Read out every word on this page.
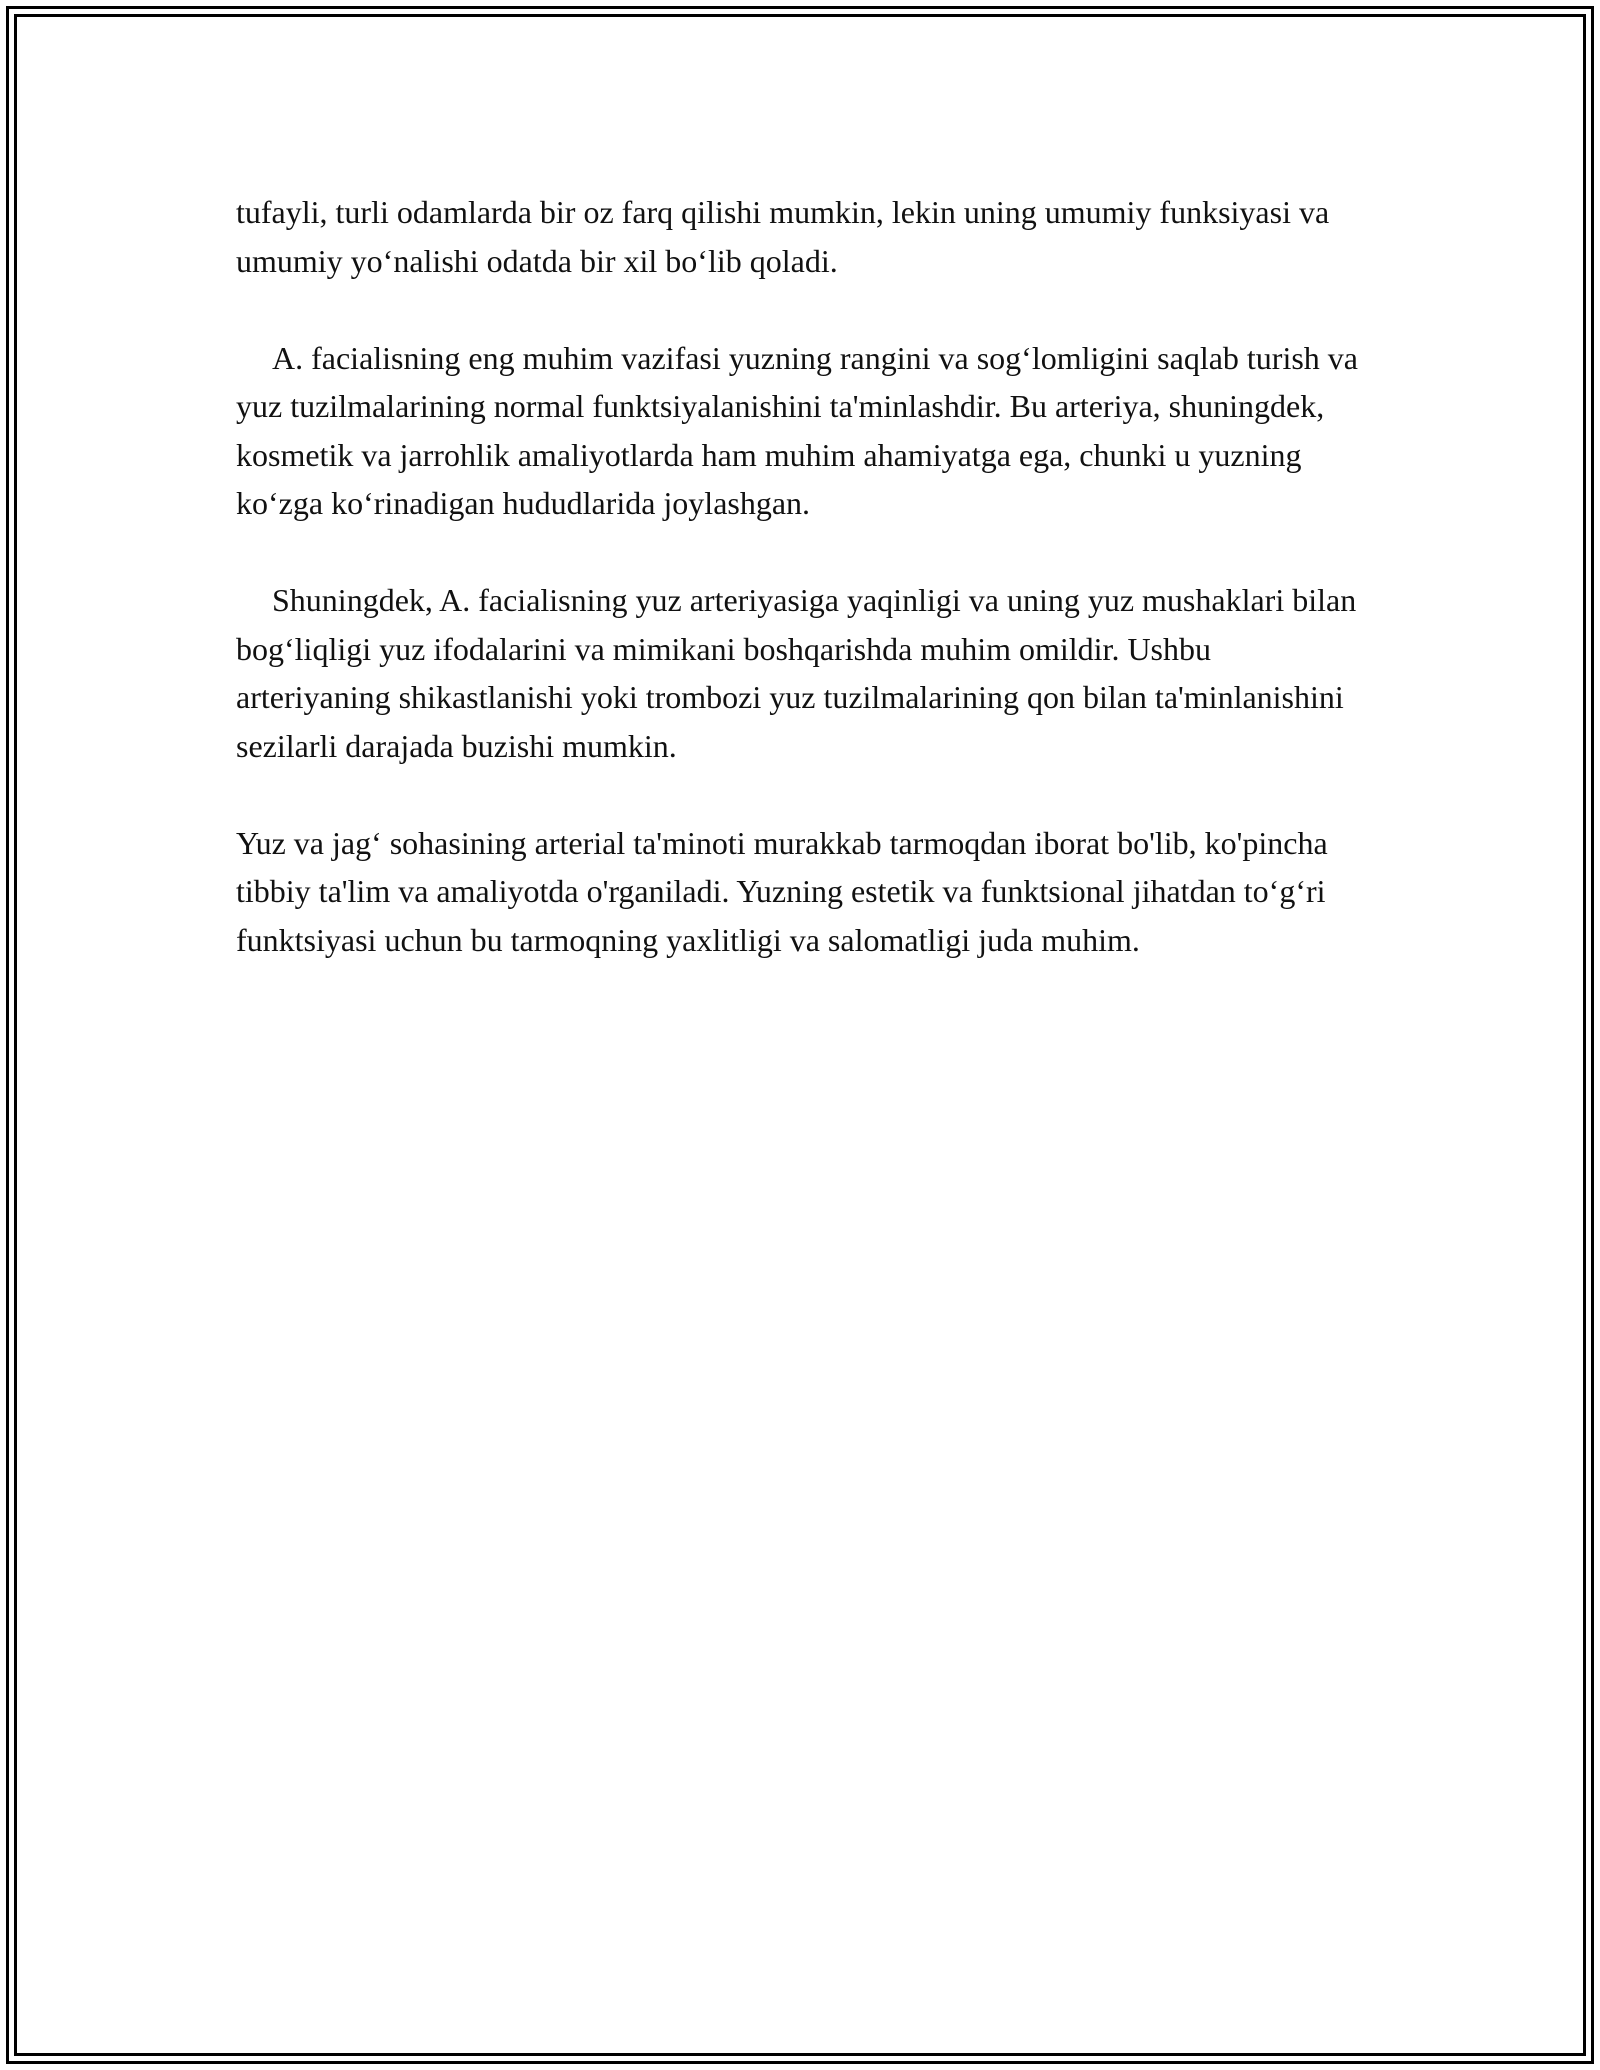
tufayli, turli odamlarda bir oz farq qilishi mumkin, lekin uning umumiy funksiyasi va umumiy yo‘nalishi odatda bir xil bo‘lib qoladi.

A. facialisning eng muhim vazifasi yuzning rangini va sog‘lomligini saqlab turish va yuz tuzilmalarining normal funktsiyalanishini ta'minlashdir. Bu arteriya, shuningdek, kosmetik va jarrohlik amaliyotlarda ham muhim ahamiyatga ega, chunki u yuzning ko‘zga ko‘rinadigan hududlarida joylashgan.

Shuningdek, A. facialisning yuz arteriyasiga yaqinligi va uning yuz mushaklari bilan bog‘liqligi yuz ifodalarini va mimikani boshqarishda muhim omildir. Ushbu arteriyaning shikastlanishi yoki trombozi yuz tuzilmalarining qon bilan ta'minlanishini sezilarli darajada buzishi mumkin.

Yuz va jag‘ sohasining arterial ta'minoti murakkab tarmoqdan iborat bo'lib, ko'pincha tibbiy ta'lim va amaliyotda o'rganiladi. Yuzning estetik va funktsional jihatdan to‘g‘ri funktsiyasi uchun bu tarmoqning yaxlitligi va salomatligi juda muhim.
